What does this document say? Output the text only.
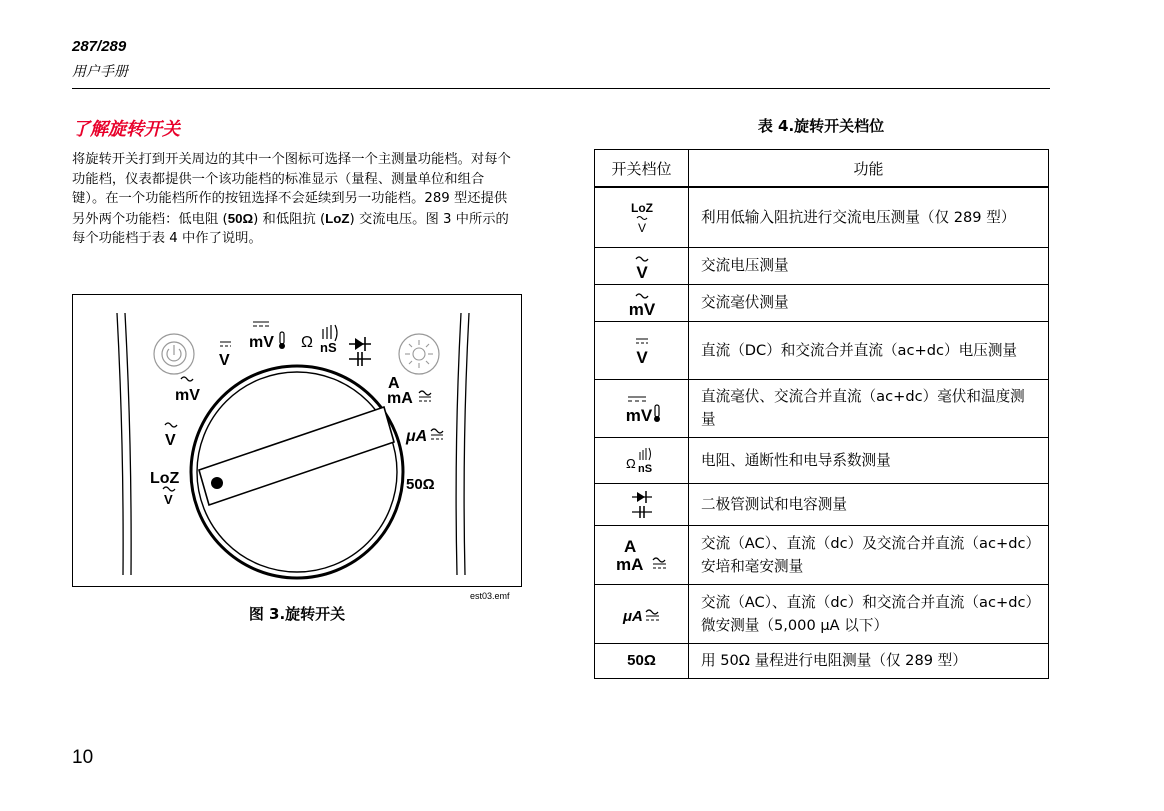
287/289
用户手册
了解旋转开关
将旋转开关打到开关周边的其中一个图标可选择一个主测量功能档。对每个功能档，仪表都提供一个该功能档的标准显示（量程、测量单位和组合键）。在一个功能档所作的按钮选择不会延续到另一功能档。289 型还提供另外两个功能档：低电阻 (50Ω) 和低阻抗 (LoZ) 交流电压。图 3 中所示的每个功能档于表 4 中作了说明。
V
mV Ω nS
mV
V
LoZ
V
A
mA
μA
50Ω
est03.emf
图 3.旋转开关
表 4.旋转开关档位
开关档位	功能

LoZ
V	利用低输入阻抗进行交流电压测量（仅 289 型）

V	交流电压测量

mV	交流毫伏测量

V	直流（DC）和交流合并直流（ac+dc）电压测量

mV	直流毫伏、交流合并直流（ac+dc）毫伏和温度测量

Ω nS	电阻、通断性和电导系数测量
	二极管测试和电容测量

A
mA	交流（AC）、直流（dc）及交流合并直流（ac+dc）安培和毫安测量

μA	交流（AC）、直流（dc）和交流合并直流（ac+dc）微安测量（5,000 μA 以下）
50Ω	用 50Ω 量程进行电阻测量（仅 289 型）
10
